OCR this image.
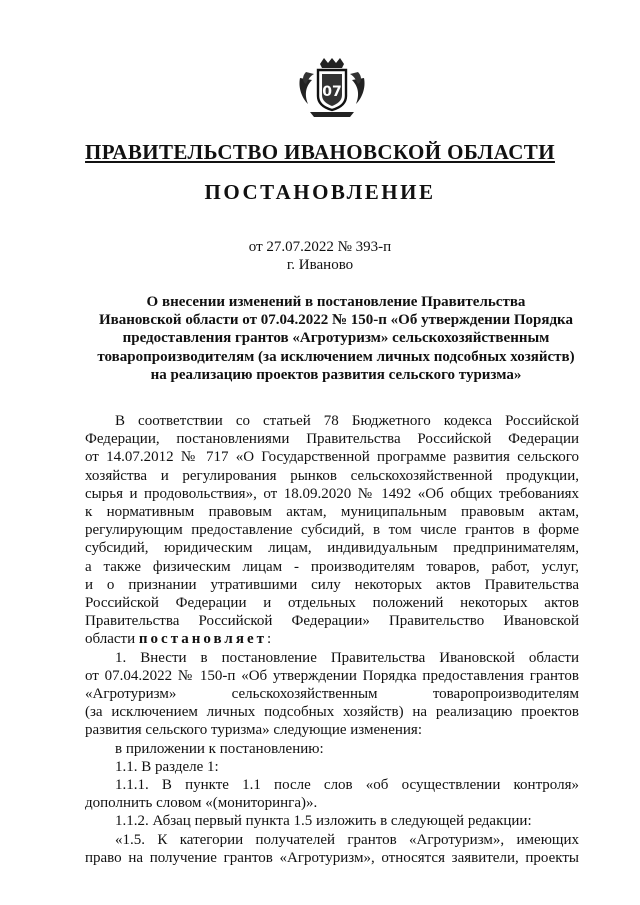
07
ПРАВИТЕЛЬСТВО ИВАНОВСКОЙ ОБЛАСТИ
ПОСТАНОВЛЕНИЕ
от 27.07.2022 № 393-п
г. Иваново
О внесении изменений в постановление Правительства
Ивановской области от 07.04.2022 № 150-п «Об утверждении Порядка
предоставления грантов «Агротуризм» сельскохозяйственным
товаропроизводителям (за исключением личных подсобных хозяйств)
на реализацию проектов развития сельского туризма»
В соответствии со статьей 78 Бюджетного кодекса Российской
Федерации, постановлениями Правительства Российской Федерации
от 14.07.2012 № 717 «О Государственной программе развития сельского
хозяйства и регулирования рынков сельскохозяйственной продукции,
сырья и продовольствия», от 18.09.2020 № 1492 «Об общих требованиях
к нормативным правовым актам, муниципальным правовым актам,
регулирующим предоставление субсидий, в том числе грантов в форме
субсидий, юридическим лицам, индивидуальным предпринимателям,
а также физическим лицам - производителям товаров, работ, услуг,
и о признании утратившими силу некоторых актов Правительства
Российской Федерации и отдельных положений некоторых актов
Правительства Российской Федерации» Правительство Ивановской
области постановляет:
1. Внести в постановление Правительства Ивановской области
от 07.04.2022 № 150-п «Об утверждении Порядка предоставления грантов
«Агротуризм» сельскохозяйственным товаропроизводителям
(за исключением личных подсобных хозяйств) на реализацию проектов
развития сельского туризма» следующие изменения:
в приложении к постановлению:
1.1. В разделе 1:
1.1.1. В пункте 1.1 после слов «об осуществлении контроля»
дополнить словом «(мониторинга)».
1.1.2. Абзац первый пункта 1.5 изложить в следующей редакции:
«1.5. К категории получателей грантов «Агротуризм», имеющих
право на получение грантов «Агротуризм», относятся заявители, проекты
